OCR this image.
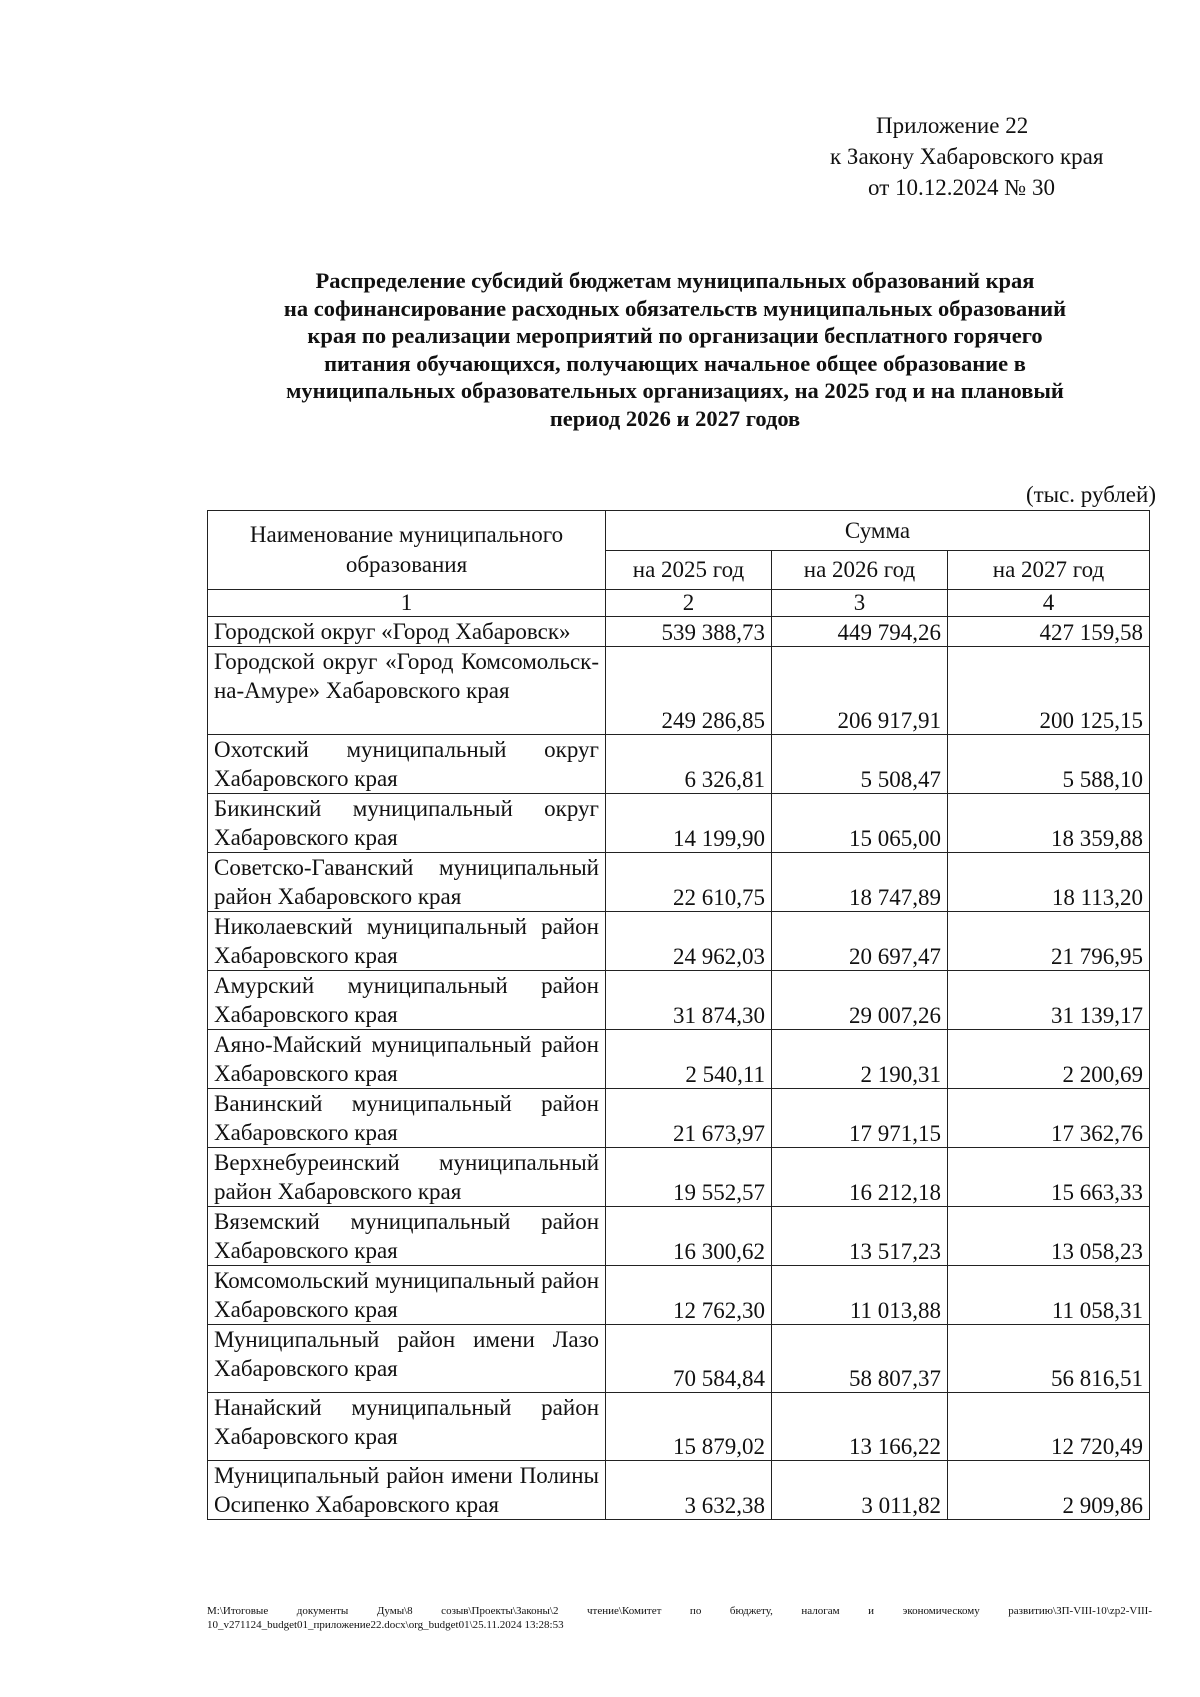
Приложение 22
к Закону Хабаровского края
от 10.12.2024 № 30
Распределение субсидий бюджетам муниципальных образований края
на софинансирование расходных обязательств муниципальных образований
края по реализации мероприятий по организации бесплатного горячего
питания обучающихся, получающих начальное общее образование в
муниципальных образовательных организациях, на 2025 год и на плановый
период 2026 и 2027 годов
(тыс. рублей)
Наименование муниципального образования	Сумма		
	на 2025 год	на 2026 год	на 2027 год
1	2	3	4
Городской округ «Город Хабаровск»	539 388,73	449 794,26	427 159,58
Городской округ «Город Комсомольск-на-Амуре» Хабаровского края	249 286,85	206 917,91	200 125,15
Охотский муниципальный округ Хабаровского края	6 326,81	5 508,47	5 588,10
Бикинский муниципальный округ Хабаровского края	14 199,90	15 065,00	18 359,88
Советско-Гаванский муниципальный район Хабаровского края	22 610,75	18 747,89	18 113,20
Николаевский муниципальный район Хабаровского края	24 962,03	20 697,47	21 796,95
Амурский муниципальный район Хабаровского края	31 874,30	29 007,26	31 139,17
Аяно-Майский муниципальный район Хабаровского края	2 540,11	2 190,31	2 200,69
Ванинский муниципальный район Хабаровского края	21 673,97	17 971,15	17 362,76
Верхнебуреинский муниципальный район Хабаровского края	19 552,57	16 212,18	15 663,33
Вяземский муниципальный район Хабаровского края	16 300,62	13 517,23	13 058,23
Комсомольский муниципальный район Хабаровского края	12 762,30	11 013,88	11 058,31
Муниципальный район имени Лазо Хабаровского края	70 584,84	58 807,37	56 816,51
Нанайский муниципальный район Хабаровского края	15 879,02	13 166,22	12 720,49
Муниципальный район имени Полины Осипенко Хабаровского края	3 632,38	3 011,82	2 909,86
M:\Итоговые документы Думы\8 созыв\Проекты\Законы\2 чтение\Комитет по бюджету, налогам и экономическому развитию\ЗП-VIII-10\zp2-VIII-10_v271124_budget01_приложение22.docx\org_budget01\25.11.2024 13:28:53
